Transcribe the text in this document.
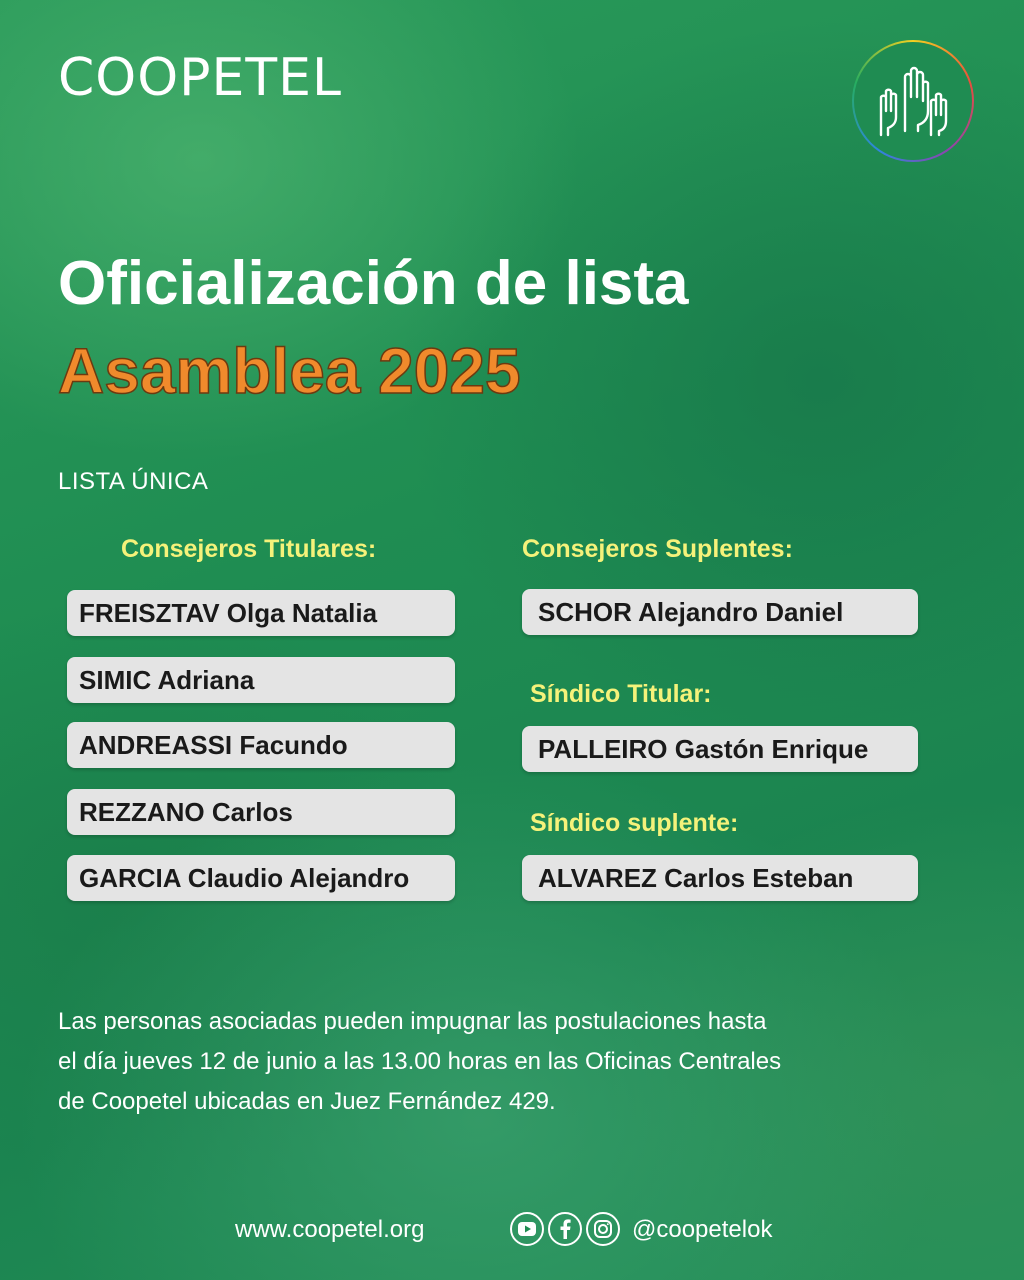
COOPETEL
Oficialización de lista
Asamblea 2025
LISTA ÚNICA
Consejeros Titulares:
FREISZTAV Olga Natalia
SIMIC Adriana
ANDREASSI Facundo
REZZANO Carlos
GARCIA Claudio Alejandro
Consejeros Suplentes:
SCHOR Alejandro Daniel
Síndico Titular:
PALLEIRO Gastón Enrique
Síndico suplente:
ALVAREZ Carlos Esteban
Las personas asociadas pueden impugnar las postulaciones hasta
el día jueves 12 de junio a las 13.00 horas en las Oficinas Centrales
de Coopetel ubicadas en Juez Fernández 429.
www.coopetel.org	@coopetelok
